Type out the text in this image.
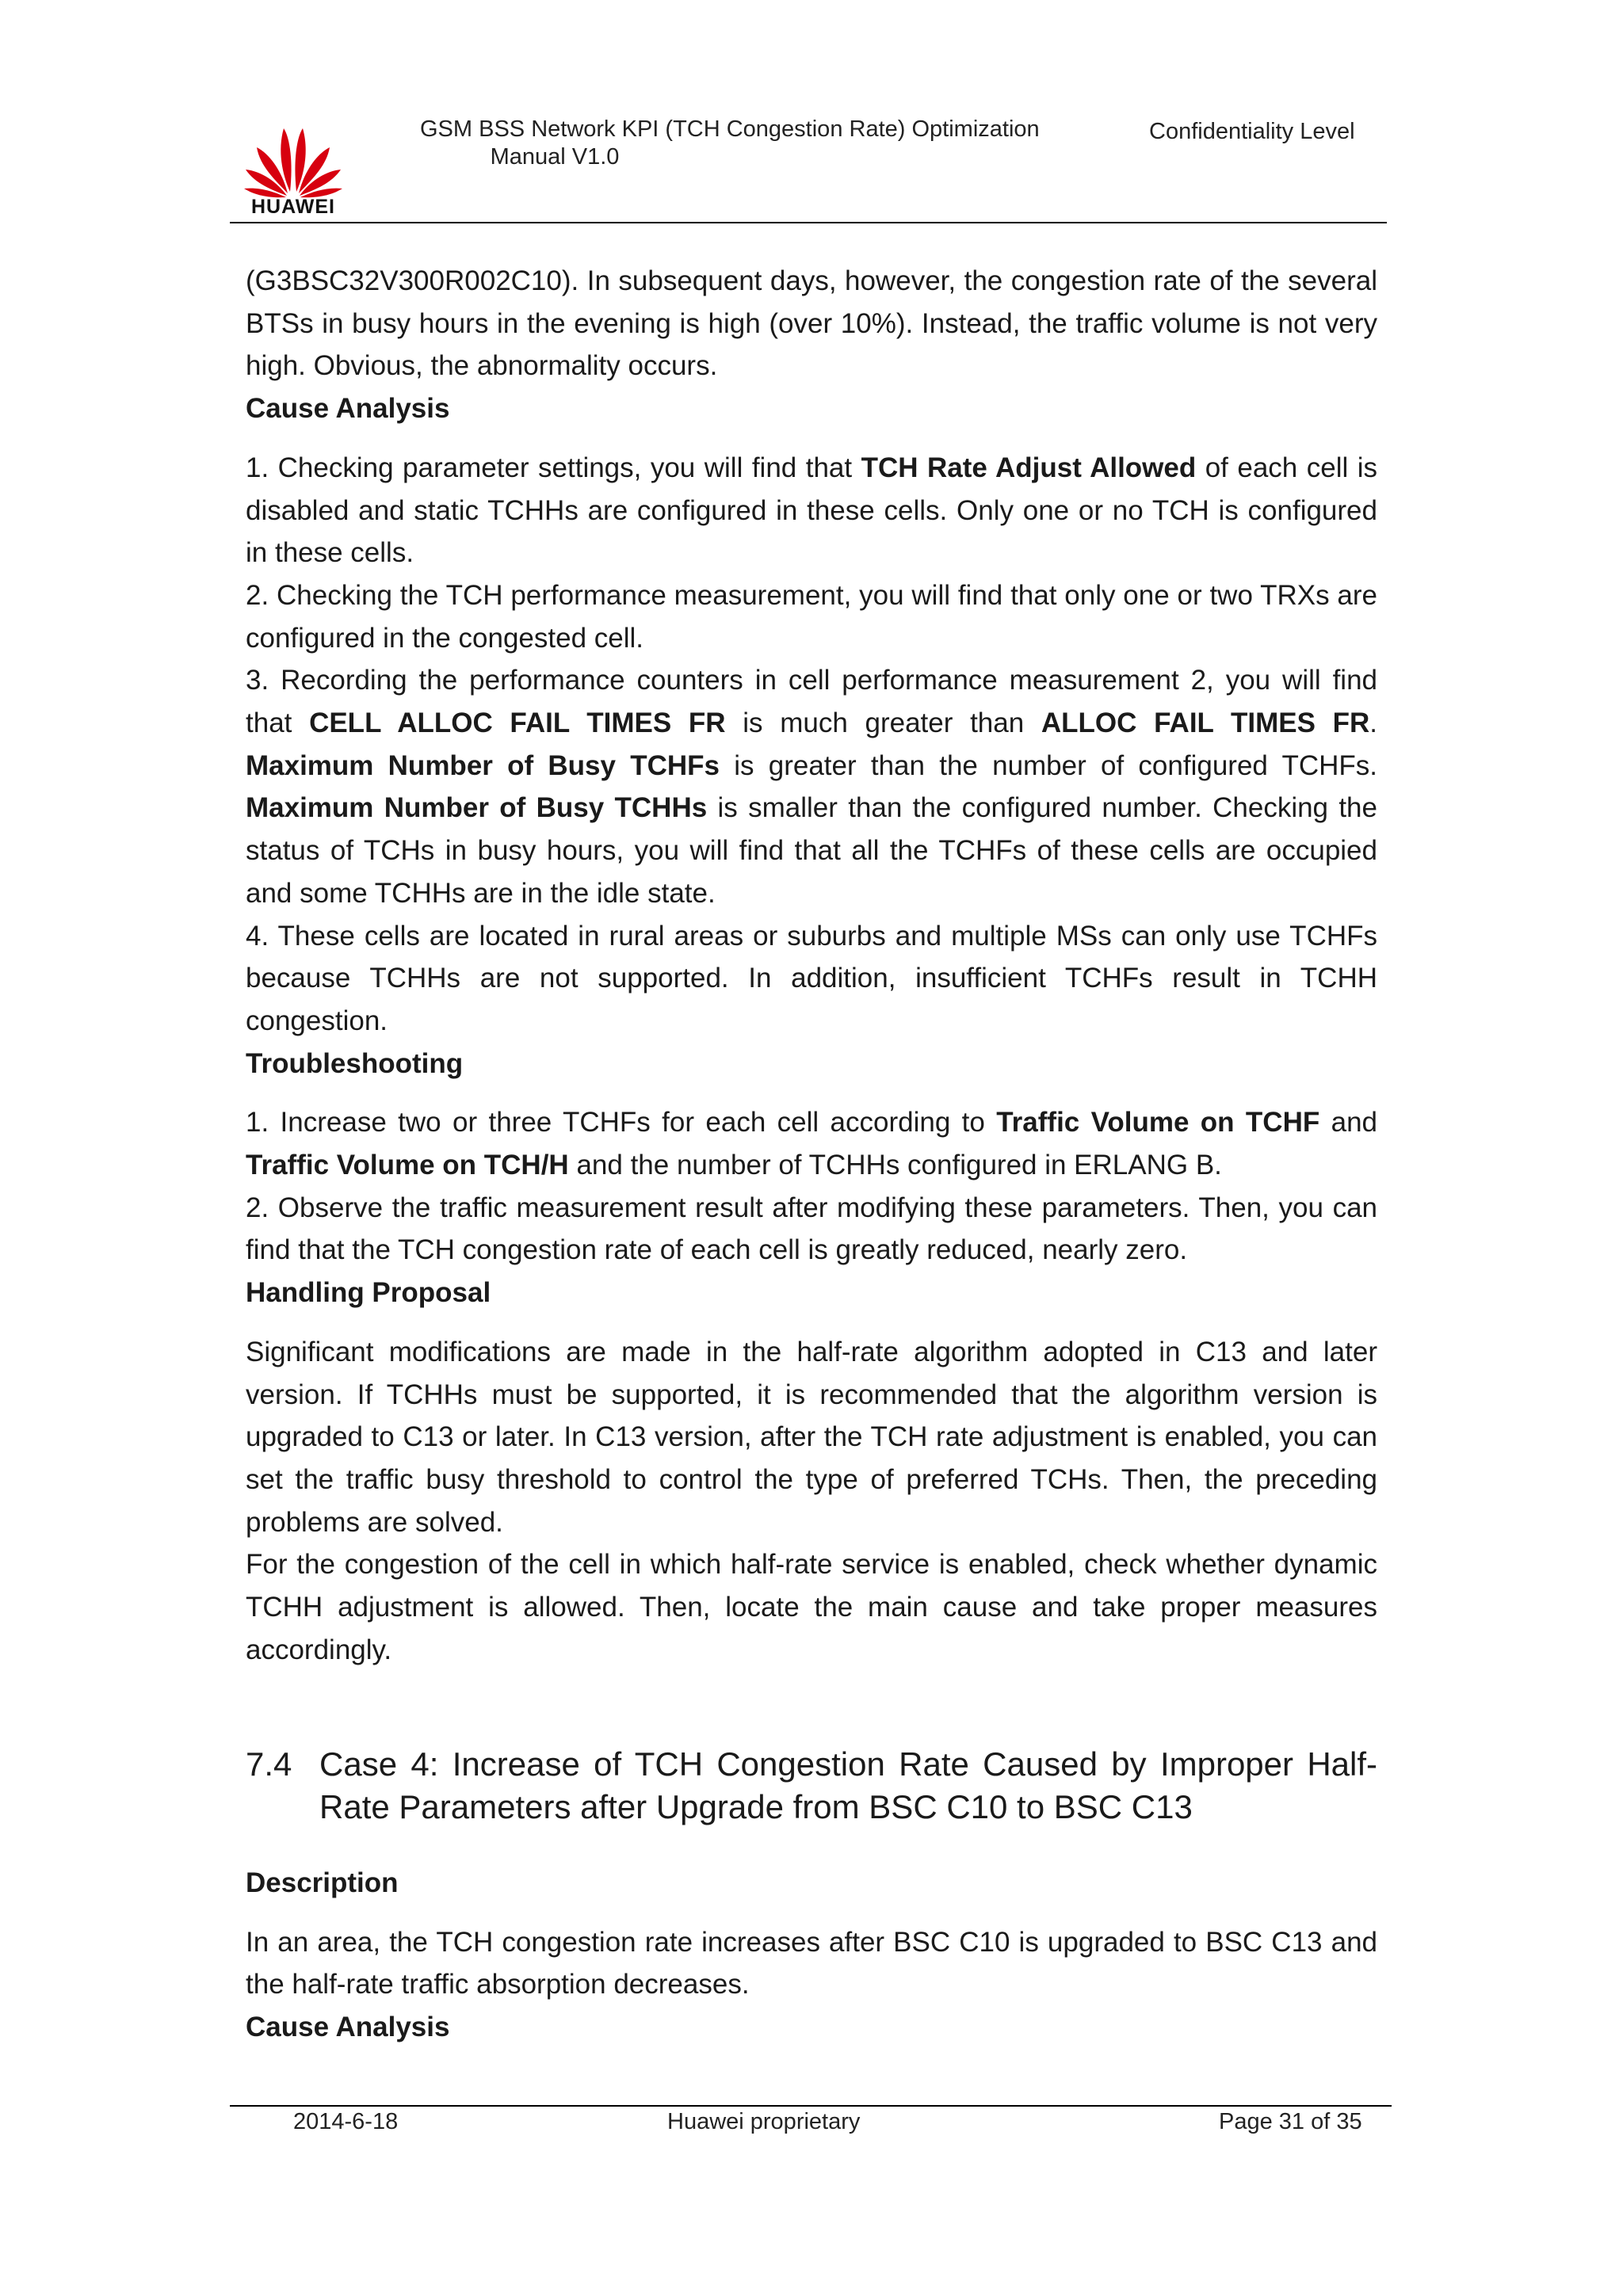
HUAWEI
GSM BSS Network KPI (TCH Congestion Rate) Optimization
Manual V1.0
Confidentiality Level

(G3BSC32V300R002C10). In subsequent days, however, the congestion rate of the several BTSs in busy hours in the evening is high (over 10%). Instead, the traffic volume is not very high. Obvious, the abnormality occurs.

Cause Analysis

1. Checking parameter settings, you will find that TCH Rate Adjust Allowed of each cell is disabled and static TCHHs are configured in these cells. Only one or no TCH is configured in these cells.

2. Checking the TCH performance measurement, you will find that only one or two TRXs are configured in the congested cell.

3. Recording the performance counters in cell performance measurement 2, you will find that CELL ALLOC FAIL TIMES FR is much greater than ALLOC FAIL TIMES FR. Maximum Number of Busy TCHFs is greater than the number of configured TCHFs. Maximum Number of Busy TCHHs is smaller than the configured number. Checking the status of TCHs in busy hours, you will find that all the TCHFs of these cells are occupied and some TCHHs are in the idle state.

4. These cells are located in rural areas or suburbs and multiple MSs can only use TCHFs because TCHHs are not supported. In addition, insufficient TCHFs result in TCHH congestion.

Troubleshooting

1. Increase two or three TCHFs for each cell according to Traffic Volume on TCHF and Traffic Volume on TCH/H and the number of TCHHs configured in ERLANG B.

2. Observe the traffic measurement result after modifying these parameters. Then, you can find that the TCH congestion rate of each cell is greatly reduced, nearly zero.

Handling Proposal

Significant modifications are made in the half-rate algorithm adopted in C13 and later version. If TCHHs must be supported, it is recommended that the algorithm version is upgraded to C13 or later. In C13 version, after the TCH rate adjustment is enabled, you can set the traffic busy threshold to control the type of preferred TCHs. Then, the preceding problems are solved.

For the congestion of the cell in which half-rate service is enabled, check whether dynamic TCHH adjustment is allowed. Then, locate the main cause and take proper measures accordingly.

7.4 Case 4: Increase of TCH Congestion Rate Caused by Improper Half-Rate Parameters after Upgrade from BSC C10 to BSC C13

Description

In an area, the TCH congestion rate increases after BSC C10 is upgraded to BSC C13 and the half-rate traffic absorption decreases.

Cause Analysis

2014-6-18	Huawei proprietary	Page 31 of 35
